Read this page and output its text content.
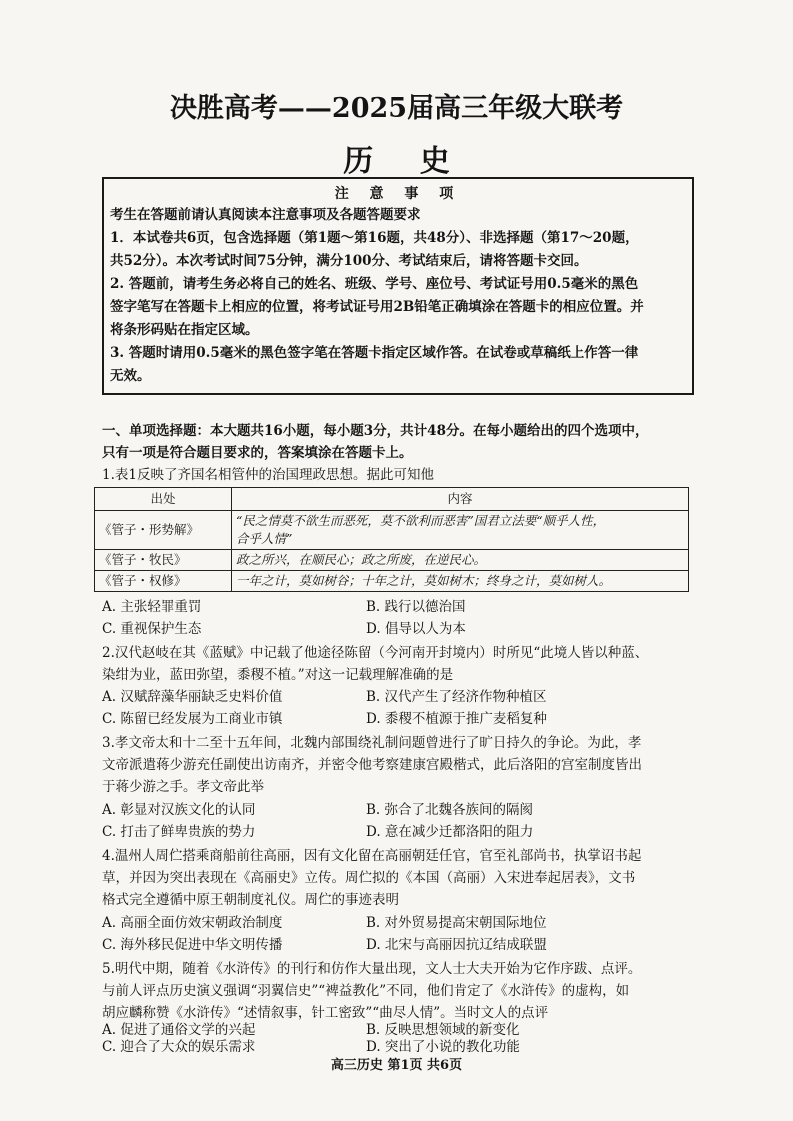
决胜高考——2025届高三年级大联考
历 史
注 意 事 项

考生在答题前请认真阅读本注意事项及各题答题要求

1．本试卷共6页，包含选择题（第1题～第16题，共48分）、非选择题（第17～20题，

共52分）。本次考试时间75分钟，满分100分、考试结束后，请将答题卡交回。

2. 答题前，请考生务必将自己的姓名、班级、学号、座位号、考试证号用0.5毫米的黑色

签字笔写在答题卡上相应的位置，将考试证号用2B铅笔正确填涂在答题卡的相应位置。并

将条形码贴在指定区域。

3. 答题时请用0.5毫米的黑色签字笔在答题卡指定区域作答。在试卷或草稿纸上作答一律

无效。

一、单项选择题：本大题共16小题，每小题3分，共计48分。在每小题给出的四个选项中，
只有一项是符合题目要求的，答案填涂在答题卡上。
1.表1反映了齐国名相管仲的治国理政思想。据此可知他
出处	内容
《管子・形势解》	“民之情莫不欲生而恶死，莫不欲利而恶害”国君立法要“顺乎人性，
合乎人情”

《管子・牧民》	政之所兴，在顺民心；政之所废，在逆民心。
《管子・权修》	一年之计，莫如树谷；十年之计，莫如树木；终身之计，莫如树人。
A. 主张轻罪重罚	B. 践行以德治国
C. 重视保护生态	D. 倡导以人为本
2.汉代赵岐在其《蓝赋》中记载了他途径陈留（今河南开封境内）时所见“此境人皆以种蓝、
染绀为业，蓝田弥望，黍稷不植。”对这一记载理解准确的是
A. 汉赋辞藻华丽缺乏史料价值	B. 汉代产生了经济作物种植区
C. 陈留已经发展为工商业市镇	D. 黍稷不植源于推广麦稻复种
3.孝文帝太和十二至十五年间，北魏内部围绕礼制问题曾进行了旷日持久的争论。为此，孝
文帝派遣蒋少游充任副使出访南齐，并密令他考察建康宫殿楷式，此后洛阳的宫室制度皆出
于蒋少游之手。孝文帝此举
A. 彰显对汉族文化的认同	B. 弥合了北魏各族间的隔阂
C. 打击了鲜卑贵族的势力	D. 意在减少迁都洛阳的阻力
4.温州人周伫搭乘商船前往高丽，因有文化留在高丽朝廷任官，官至礼部尚书，执掌诏书起
草，并因为突出表现在《高丽史》立传。周伫拟的《本国（高丽）入宋进奉起居表》，文书
格式完全遵循中原王朝制度礼仪。周伫的事迹表明
A. 高丽全面仿效宋朝政治制度	B. 对外贸易提高宋朝国际地位
C. 海外移民促进中华文明传播	D. 北宋与高丽因抗辽结成联盟
5.明代中期，随着《水浒传》的刊行和仿作大量出现，文人士大夫开始为它作序跋、点评。
与前人评点历史演义强调“羽翼信史”“裨益教化”不同，他们肯定了《水浒传》的虚构，如
胡应麟称赞《水浒传》“述情叙事，针工密致”“曲尽人情”。当时文人的点评
A. 促进了通俗文学的兴起	B. 反映思想领域的新变化
C. 迎合了大众的娱乐需求	D. 突出了小说的教化功能
高三历史 第1页 共6页
